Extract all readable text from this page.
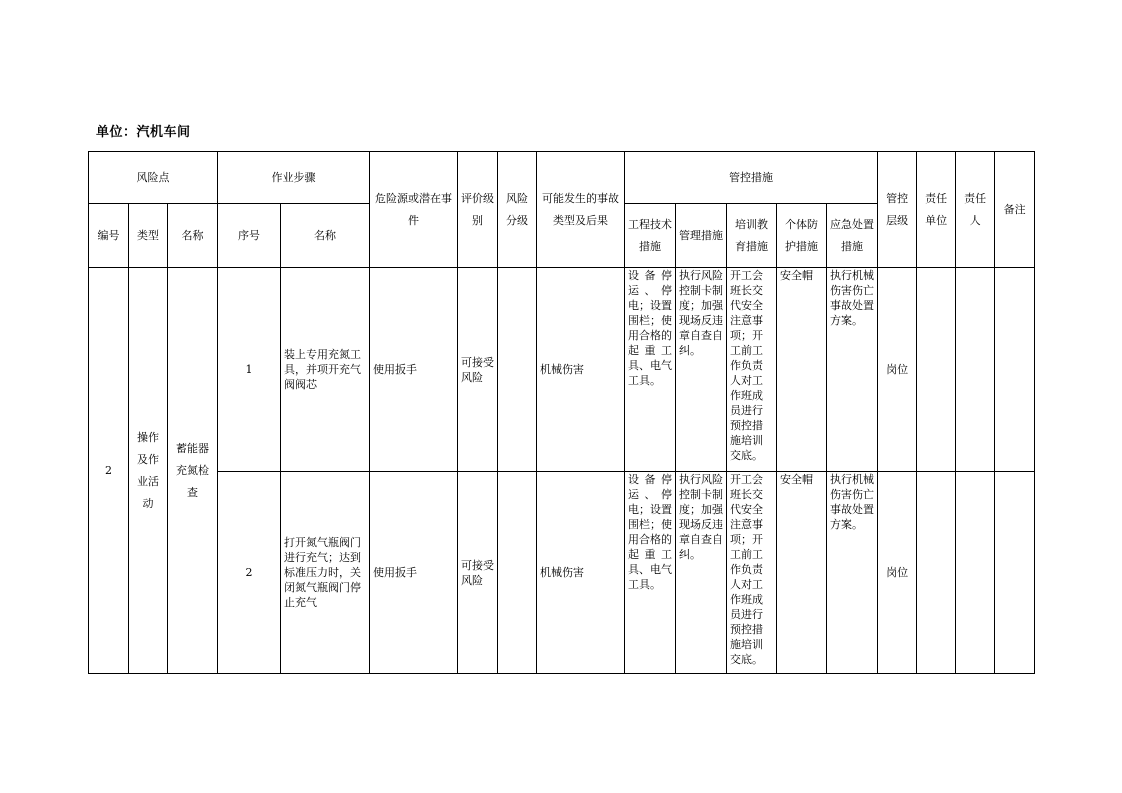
单位：汽机车间
风险点			作业步骤		危险源或潜在事件	评价级别	风险分级	可能发生的事故类型及后果	管控措施					管控层级	责任单位	责任人	备注
编号	类型	名称	序号	名称					工程技术措施	管理措施	培训教育措施	个体防护措施	应急处置措施				
2	操作及作业活动	蓄能器充氮检查	1	装上专用充氮工具，并项开充气阀阀芯	使用扳手	可接受风险		机械伤害	设备停运、停电；设置围栏；使用合格的起重工具、电气工具。	执行风险控制卡制度；加强现场反违章自查自纠。	开工会班长交代安全注意事项；开工前工作负责人对工作班成员进行预控措施培训交底。	安全帽	执行机械伤害伤亡事故处置方案。	岗位			
			2	打开氮气瓶阀门进行充气；达到标准压力时，关闭氮气瓶阀门停止充气	使用扳手	可接受风险		机械伤害	设备停运、停电；设置围栏；使用合格的起重工具、电气工具。	执行风险控制卡制度；加强现场反违章自查自纠。	开工会班长交代安全注意事项；开工前工作负责人对工作班成员进行预控措施培训交底。	安全帽	执行机械伤害伤亡事故处置方案。	岗位			
